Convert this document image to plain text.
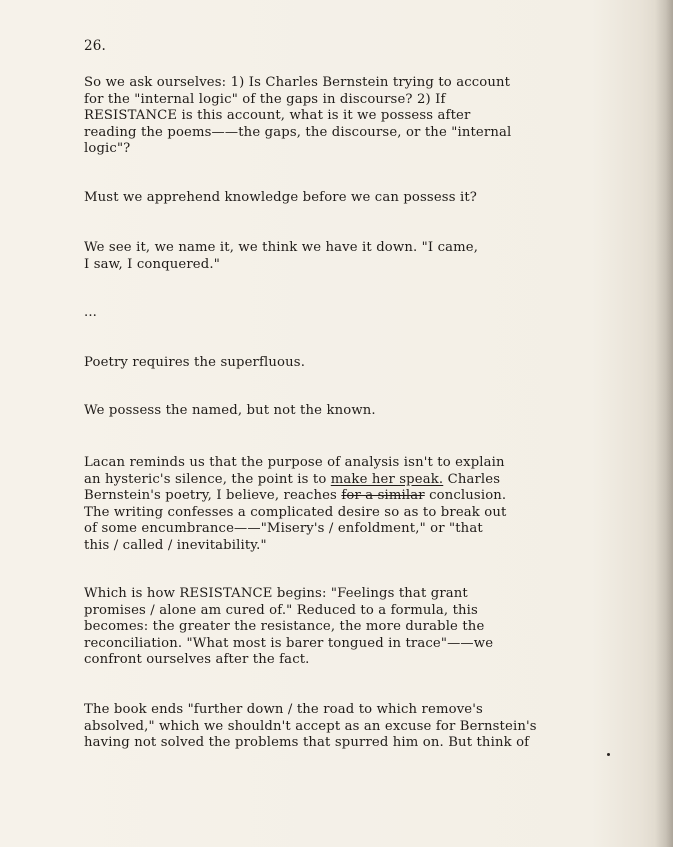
26.

So we ask ourselves: 1) Is Charles Bernstein trying to account
for the "internal logic" of the gaps in discourse? 2) If
RESISTANCE is this account, what is it we possess after
reading the poems——the gaps, the discourse, or the "internal
logic"?

Must we apprehend knowledge before we can possess it?

We see it, we name it, we think we have it down. "I came,
I saw, I conquered."

...

Poetry requires the superfluous.

We possess the named, but not the known.

Lacan reminds us that the purpose of analysis isn't to explain
an hysteric's silence, the point is to make her speak. Charles
Bernstein's poetry, I believe, reaches for a similar conclusion.
The writing confesses a complicated desire so as to break out
of some encumbrance——"Misery's / enfoldment," or "that
this / called / inevitability."

Which is how RESISTANCE begins: "Feelings that grant
promises / alone am cured of." Reduced to a formula, this
becomes: the greater the resistance, the more durable the
reconciliation. "What most is barer tongued in trace"——we
confront ourselves after the fact.

The book ends "further down / the road to which remove's
absolved," which we shouldn't accept as an excuse for Bernstein's
having not solved the problems that spurred him on. But think of
